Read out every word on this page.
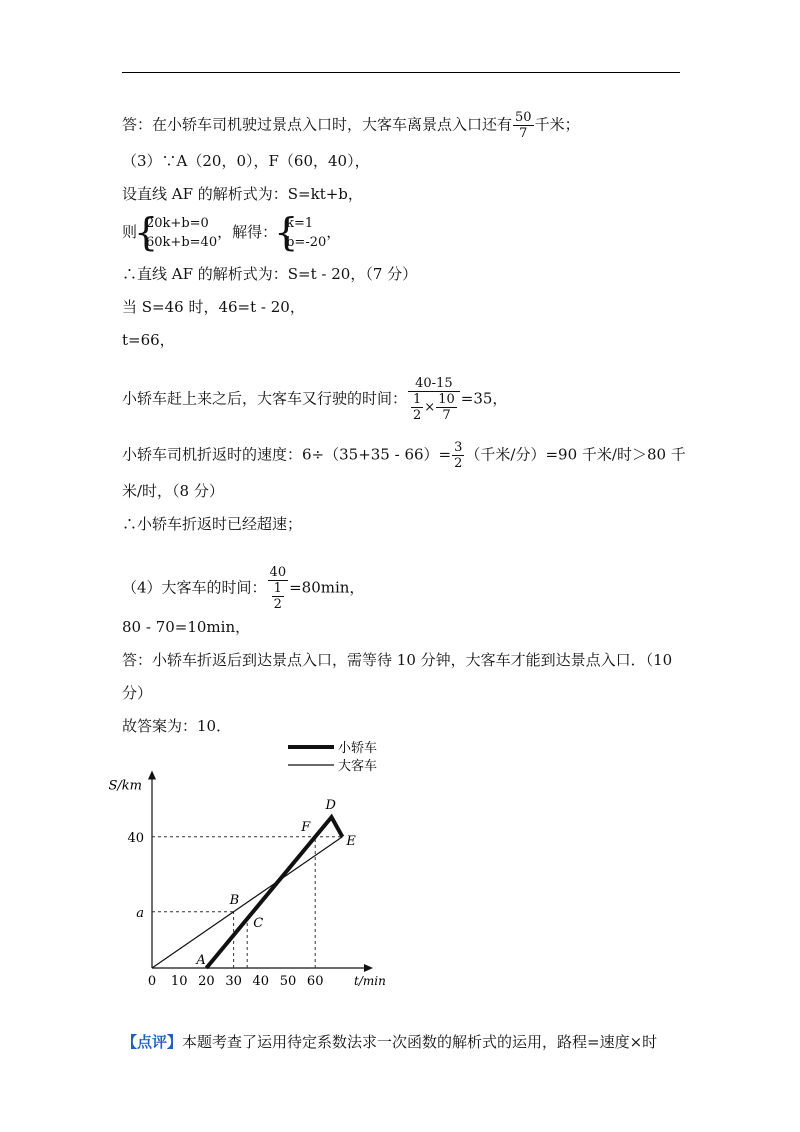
答：在小轿车司机驶过景点入口时，大客车离景点入口还有 $\frac{50}{7}$ 千米；
（3）∵A（20，0），F（60，40），
设直线 AF 的解析式为：S=kt+b，
则 { 20k+b=0
60k+b=40
，解得： { k=1
b=-20
，
∴直线 AF 的解析式为：S=t - 20，（7 分）
当 S=46 时，46=t - 20，
t=66，
小轿车赶上来之后，大客车又行驶的时间： $\frac{40-15}{\frac{1}{2} \times \frac{10}{7}} =35$，
小轿车司机折返时的速度：$6\div(35+35 - 66)= \frac{3}{2}$ （千米/分）=90 千米/时＞80 千
米/时，（8 分）
∴小轿车折返时已经超速；
（4）大客车的时间： $\frac{40}{\frac{1}{2}} =80\min$，
80 - 70=10min，
答：小轿车折返后到达景点入口，需等待 10 分钟，大客车才能到达景点入口．（10
分）
故答案为：10．
S/km
t/min
0 10 20 30 40 50 60
a
40
A
B
C
F
D
E
小轿车
大客车
【点评】本题考查了运用待定系数法求一次函数的解析式的运用，路程=速度×时
